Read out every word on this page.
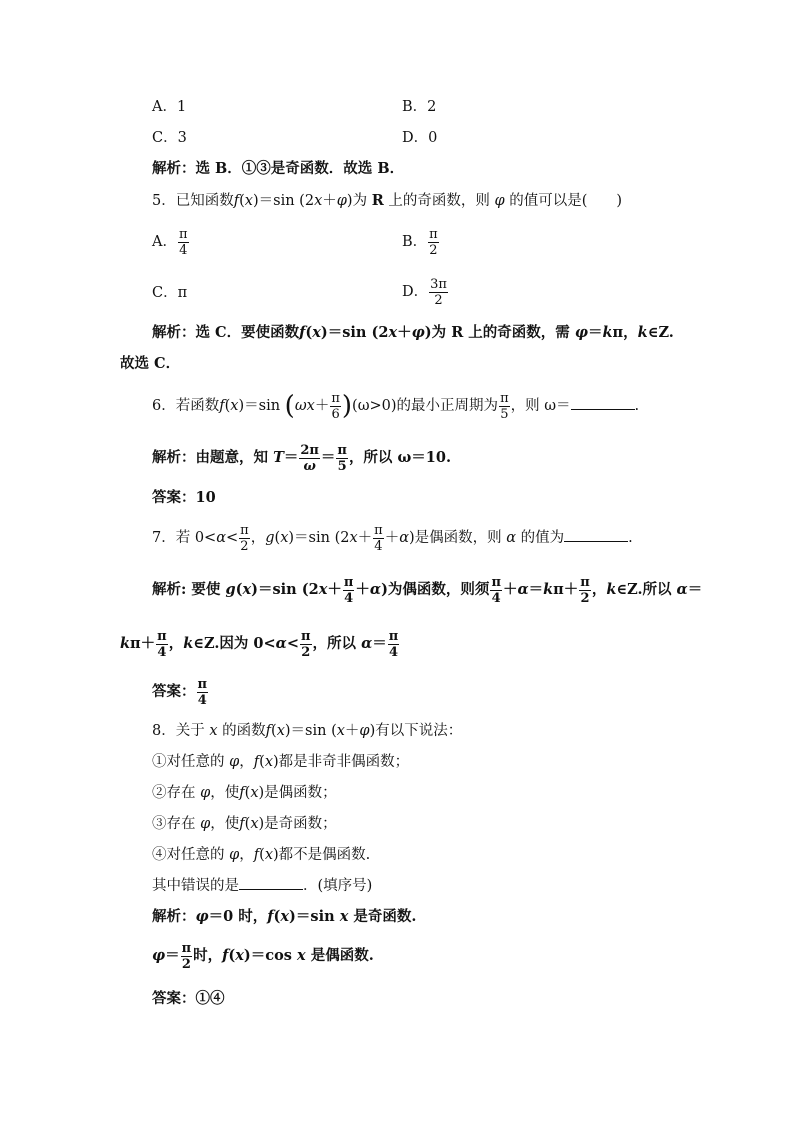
A．1	B．2
C．3	D．0
解析：选 B．①③是奇函数．故选 B．
5．已知函数f(x)＝sin (2x＋φ)为 R 上的奇函数，则 φ 的值可以是(　　)
A． $\frac{\pi}{4}$	B． $\frac{\pi}{2}$
C．π	D． $\frac{3\pi}{2}$
解析：选 C．要使函数f(x)＝sin (2x＋φ)为 R 上的奇函数，需 φ＝kπ，k∈Z.
故选 C．
6．若函数f(x)＝sin $(\omega x+ \frac{\pi}{6} )(\omega>0)$的最小正周期为 $\frac{\pi}{5}$ ，则 ω＝	.
解析：由题意，知 $T= \frac{2\pi}{\omega} = \frac{\pi}{5}$ ，所以 ω＝10.
答案：10
7．若 $0<\alpha< \frac{\pi}{2}$ ，g(x)＝sin $(2x+ \frac{\pi}{4} +\alpha)$是偶函数，则 α 的值为	.
解析: 要使 g(x)＝sin $(2x+ \frac{\pi}{4} +\alpha)$为偶函数，则须 $\frac{\pi}{4} +\alpha=k\pi+ \frac{\pi}{2}$ ，k∈Z.所以 α＝
$k\pi+ \frac{\pi}{4}$ ，k∈Z.因为 $0<\alpha< \frac{\pi}{2}$ ，所以 $\alpha= \frac{\pi}{4}$
答案： $\frac{\pi}{4}$
8．关于 x 的函数f(x)＝sin (x＋φ)有以下说法：
①对任意的 φ，f(x)都是非奇非偶函数；
②存在 φ，使f(x)是偶函数；
③存在 φ，使f(x)是奇函数；
④对任意的 φ，f(x)都不是偶函数.
其中错误的是	．(填序号)
解析：φ＝0 时，f(x)＝sin x 是奇函数.
$\varphi= \frac{\pi}{2}$ 时，f(x)＝cos x 是偶函数.
答案：①④
